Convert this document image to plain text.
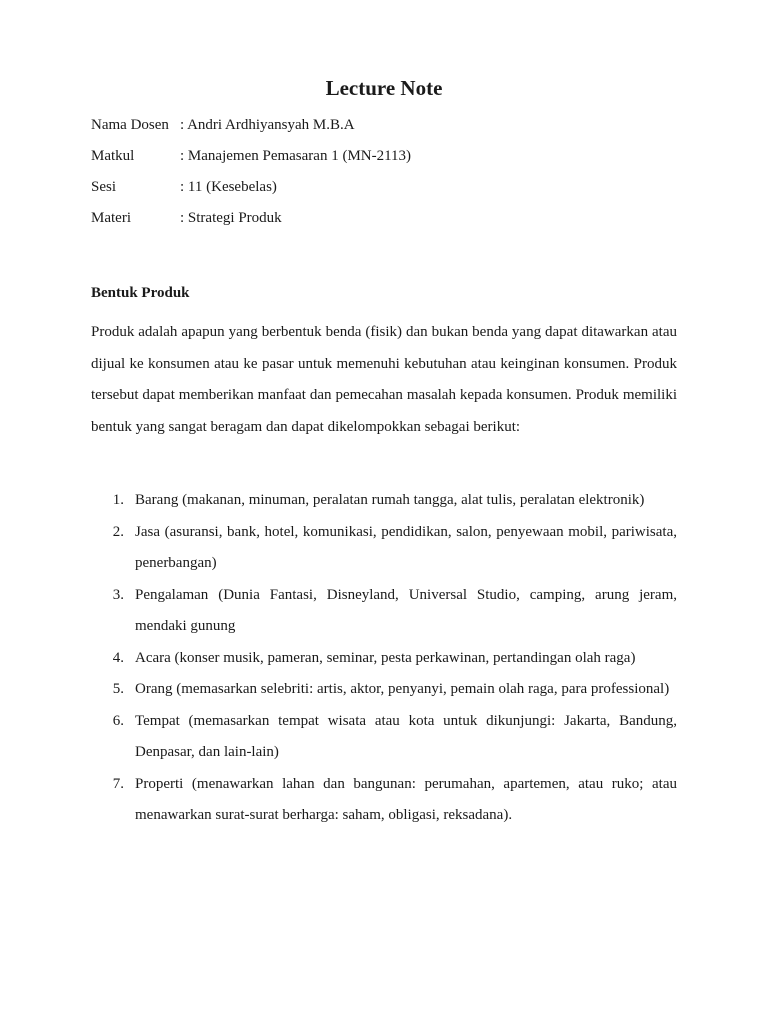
Lecture Note
Nama Dosen : Andri Ardhiyansyah M.B.A
Matkul	: Manajemen Pemasaran 1 (MN-2113)
Sesi	: 11 (Kesebelas)
Materi	: Strategi Produk
Bentuk Produk

Produk adalah apapun yang berbentuk benda (fisik) dan bukan benda yang dapat ditawarkan atau dijual ke konsumen atau ke pasar untuk memenuhi kebutuhan atau keinginan konsumen. Produk tersebut dapat memberikan manfaat dan pemecahan masalah kepada konsumen. Produk memiliki bentuk yang sangat beragam dan dapat dikelompokkan sebagai berikut:

1. Barang (makanan, minuman, peralatan rumah tangga, alat tulis, peralatan elektronik)
2. Jasa (asuransi, bank, hotel, komunikasi, pendidikan, salon, penyewaan mobil, pariwisata, penerbangan)
3. Pengalaman (Dunia Fantasi, Disneyland, Universal Studio, camping, arung jeram, mendaki gunung
4. Acara (konser musik, pameran, seminar, pesta perkawinan, pertandingan olah raga)
5. Orang (memasarkan selebriti: artis, aktor, penyanyi, pemain olah raga, para professional)
6. Tempat (memasarkan tempat wisata atau kota untuk dikunjungi: Jakarta, Bandung, Denpasar, dan lain-lain)
7. Properti (menawarkan lahan dan bangunan: perumahan, apartemen, atau ruko; atau menawarkan surat-surat berharga: saham, obligasi, reksadana).
